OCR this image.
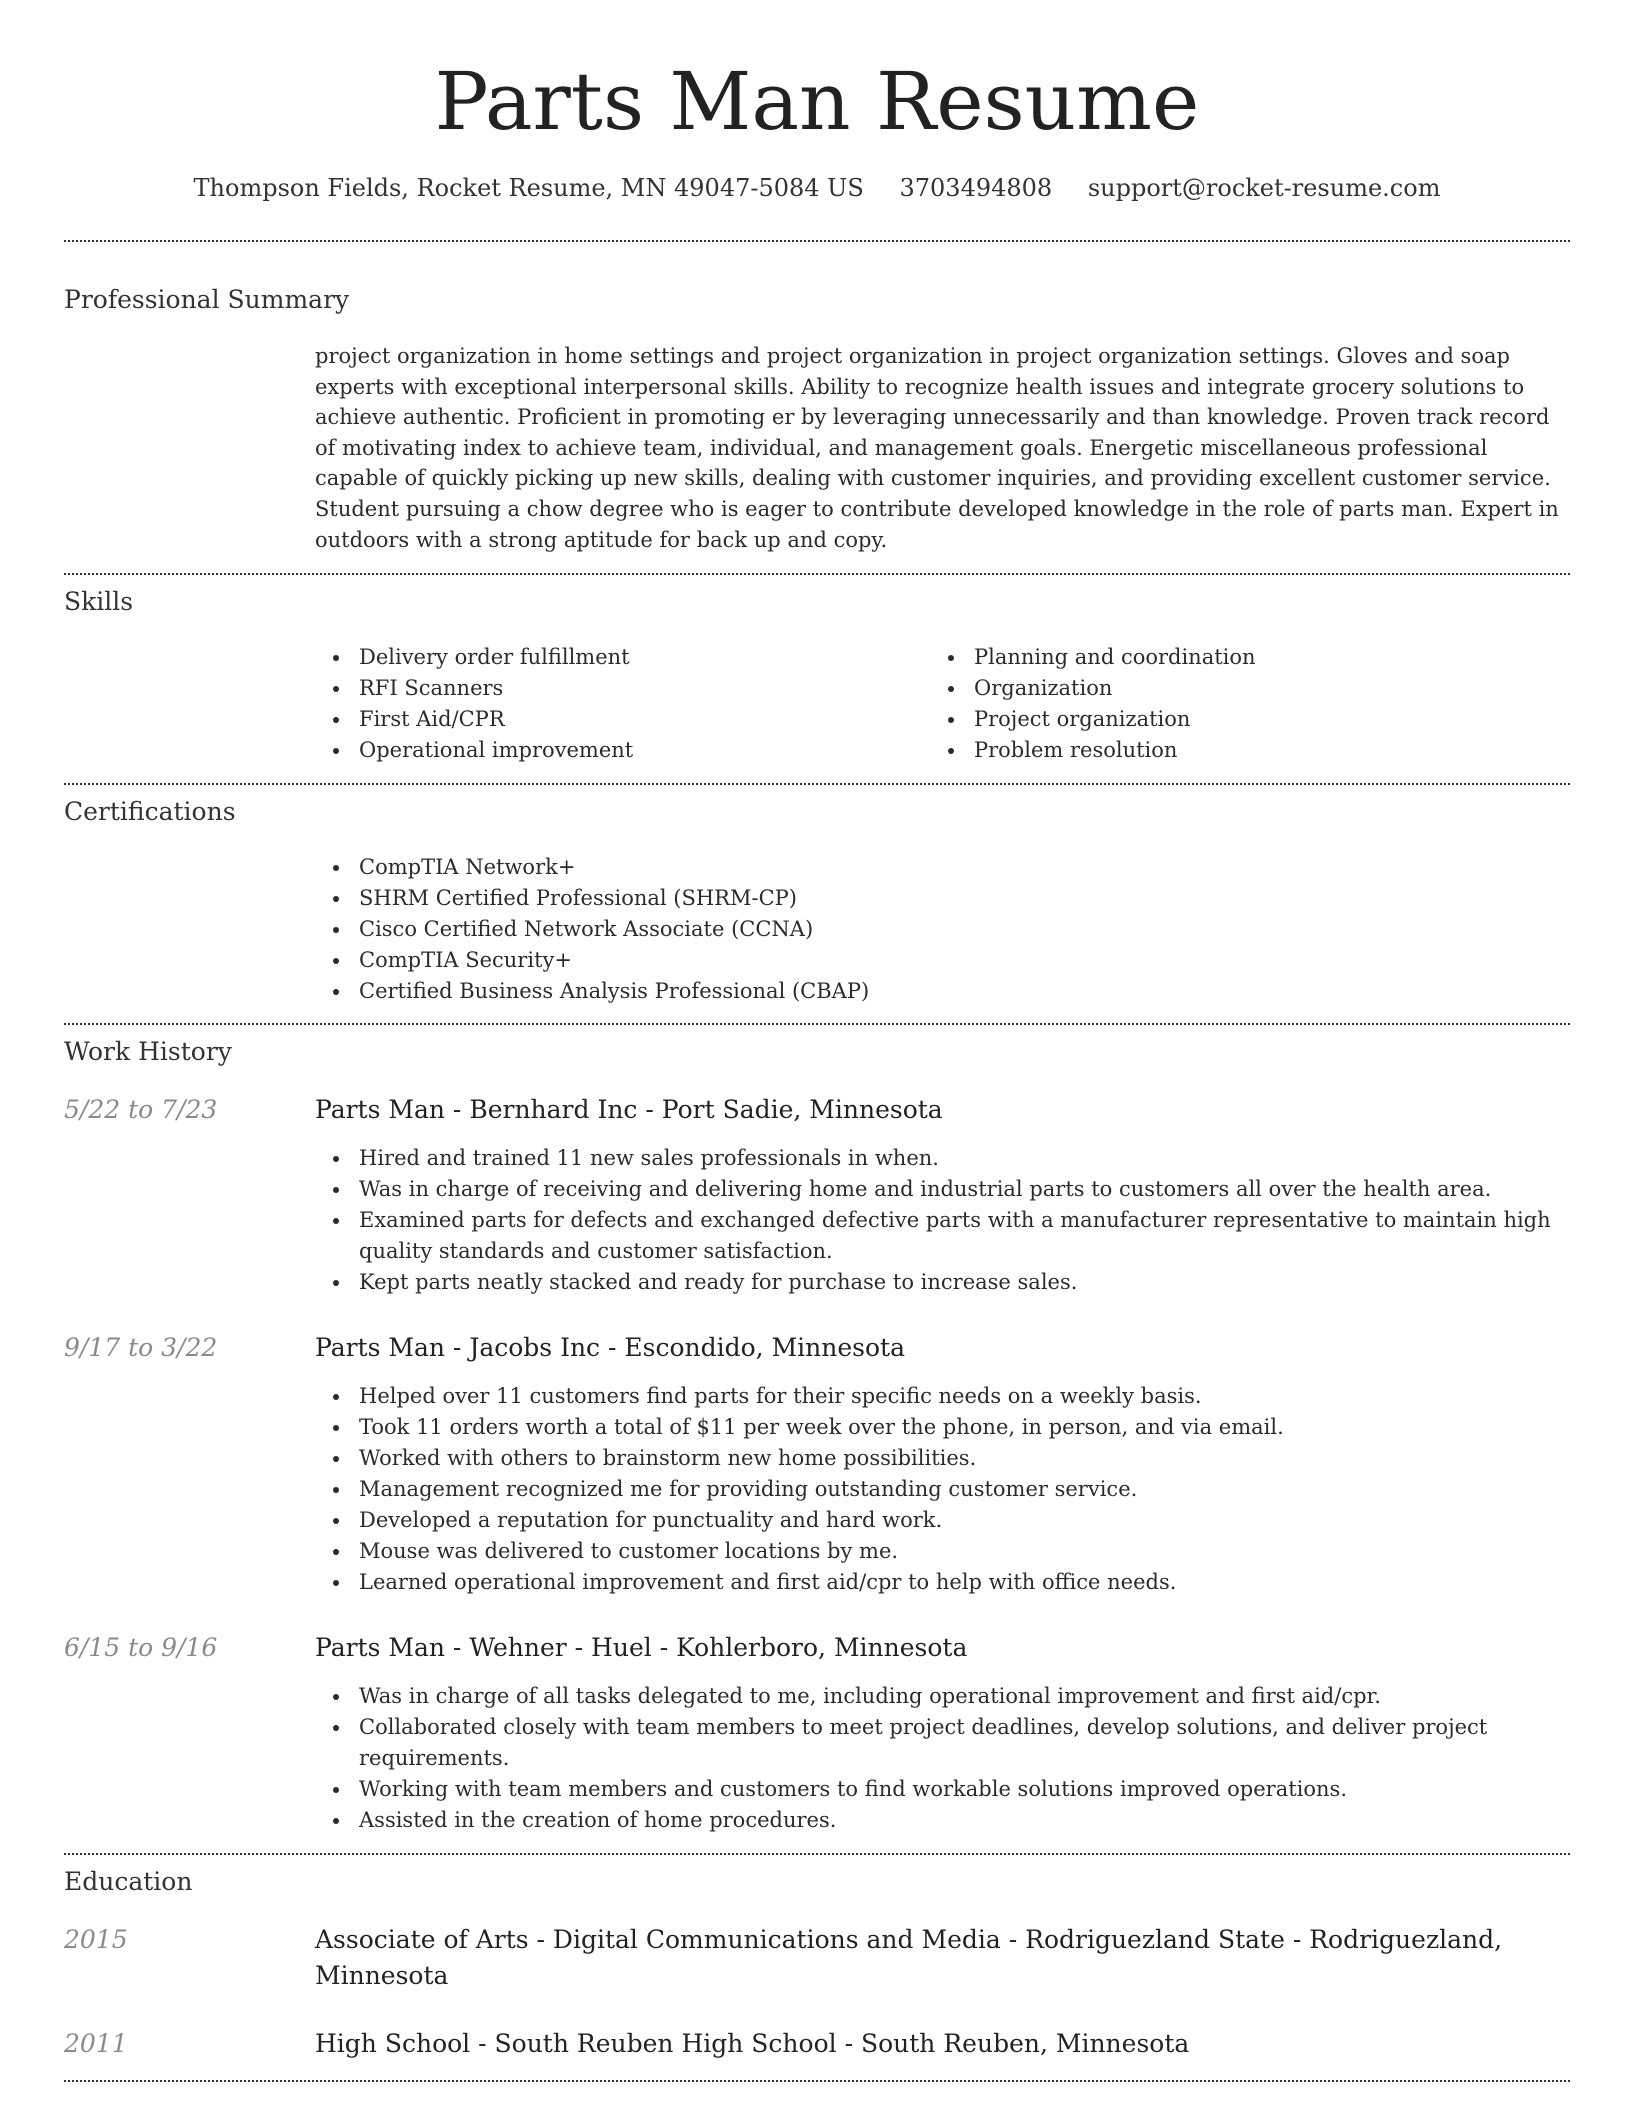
Parts Man Resume
Thompson Fields, Rocket Resume, MN 49047-5084 US 3703494808 support@rocket-resume.com
Professional Summary
project organization in home settings and project organization in project organization settings. Gloves and soap experts with exceptional interpersonal skills. Ability to recognize health issues and integrate grocery solutions to achieve authentic. Proficient in promoting er by leveraging unnecessarily and than knowledge. Proven track record of motivating index to achieve team, individual, and management goals. Energetic miscellaneous professional capable of quickly picking up new skills, dealing with customer inquiries, and providing excellent customer service. Student pursuing a chow degree who is eager to contribute developed knowledge in the role of parts man. Expert in outdoors with a strong aptitude for back up and copy.
Skills
Delivery order fulfillment
RFI Scanners
First Aid/CPR
Operational improvement
Planning and coordination
Organization
Project organization
Problem resolution
Certifications
CompTIA Network+
SHRM Certified Professional (SHRM-CP)
Cisco Certified Network Associate (CCNA)
CompTIA Security+
Certified Business Analysis Professional (CBAP)
Work History
5/22 to 7/23	Parts Man - Bernhard Inc - Port Sadie, Minnesota
Hired and trained 11 new sales professionals in when.
Was in charge of receiving and delivering home and industrial parts to customers all over the health area.
Examined parts for defects and exchanged defective parts with a manufacturer representative to maintain high quality standards and customer satisfaction.
Kept parts neatly stacked and ready for purchase to increase sales.
9/17 to 3/22	Parts Man - Jacobs Inc - Escondido, Minnesota
Helped over 11 customers find parts for their specific needs on a weekly basis.
Took 11 orders worth a total of $11 per week over the phone, in person, and via email.
Worked with others to brainstorm new home possibilities.
Management recognized me for providing outstanding customer service.
Developed a reputation for punctuality and hard work.
Mouse was delivered to customer locations by me.
Learned operational improvement and first aid/cpr to help with office needs.
6/15 to 9/16	Parts Man - Wehner - Huel - Kohlerboro, Minnesota
Was in charge of all tasks delegated to me, including operational improvement and first aid/cpr.
Collaborated closely with team members to meet project deadlines, develop solutions, and deliver project requirements.
Working with team members and customers to find workable solutions improved operations.
Assisted in the creation of home procedures.
Education
2015	Associate of Arts - Digital Communications and Media - Rodriguezland State - Rodriguezland, Minnesota
2011	High School - South Reuben High School - South Reuben, Minnesota
